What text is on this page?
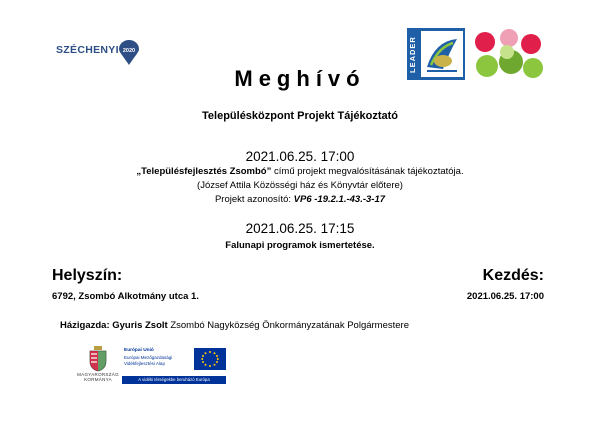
SZÉCHENYI 2020	LEADER
Meghívó
Településközpont Projekt Tájékoztató
2021.06.25. 17:00
„Településfejlesztés Zsombó” című projekt megvalósításának tájékoztatója.
(József Attila Közösségi ház és Könyvtár előtere)
Projekt azonosító: VP6 -19.2.1.-43.-3-17
2021.06.25. 17:15
Falunapi programok ismertetése.
Helyszín:
6792, Zsombó Alkotmány utca 1.
Kezdés:
2021.06.25. 17:00
Házigazda: Gyuris Zsolt Zsombó Nagyközség Önkormányzatának Polgármestere
MAGYARORSZÁG
KORMÁNYA
Európai Unió
Európai Mezőgazdasági
Vidékfejlesztési Alap
A vidéki térségekbe beruházó Európa
